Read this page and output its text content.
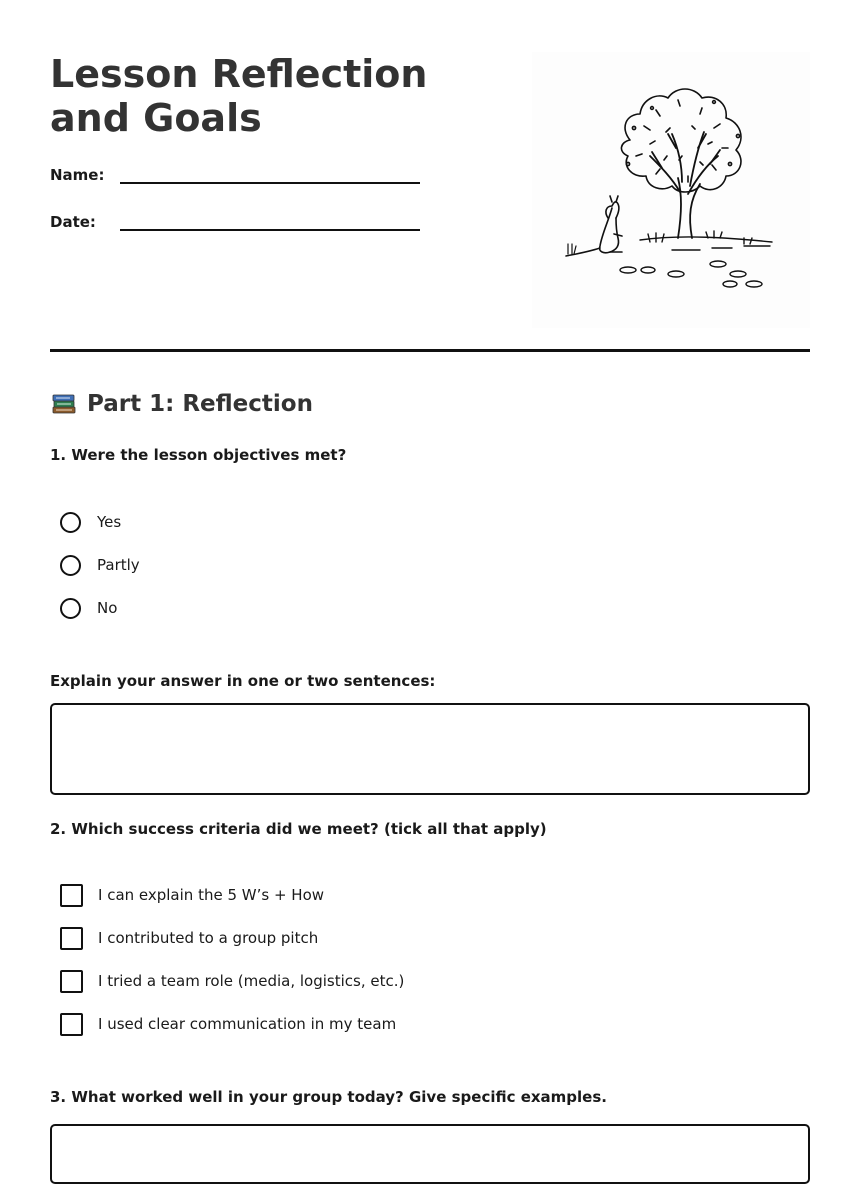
Lesson Reflection and Goals
Name:
Date:
Part 1: Reflection
1. Were the lesson objectives met?
Yes
Partly
No
Explain your answer in one or two sentences:
2. Which success criteria did we meet? (tick all that apply)
I can explain the 5 W’s + How
I contributed to a group pitch
I tried a team role (media, logistics, etc.)
I used clear communication in my team
3. What worked well in your group today? Give specific examples.
